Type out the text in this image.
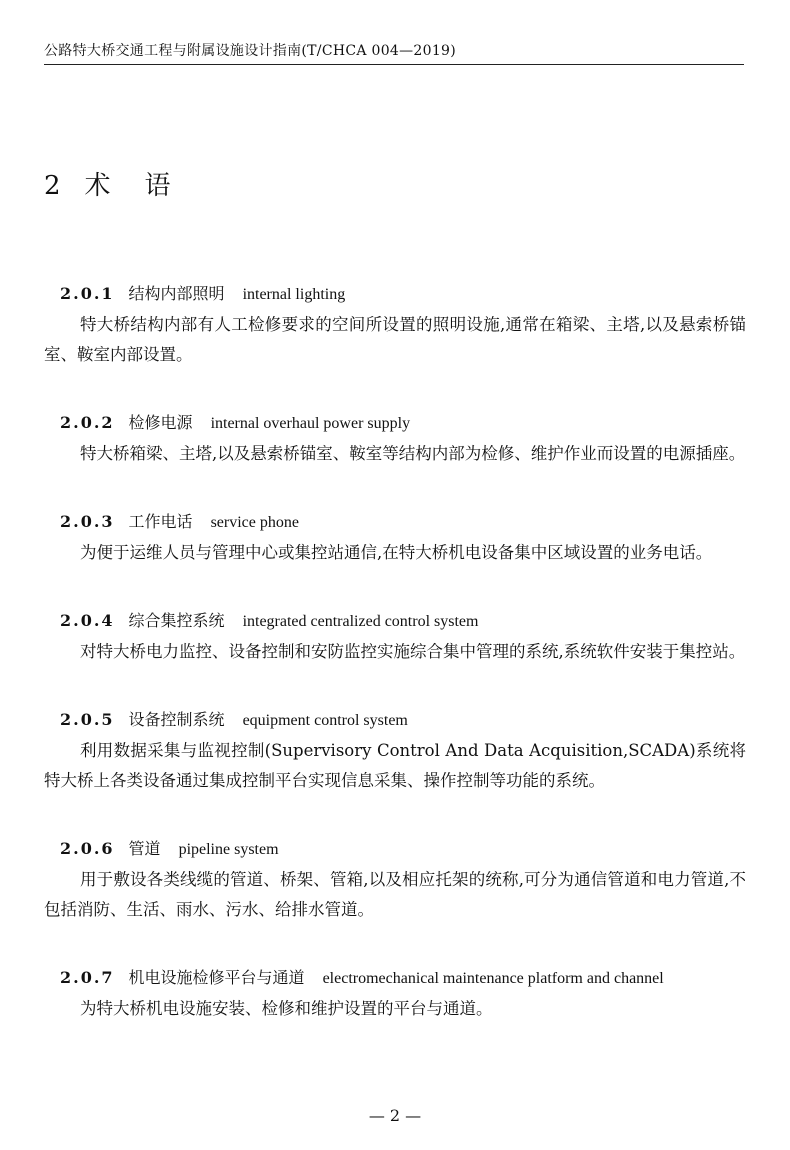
公路特大桥交通工程与附属设施设计指南(T/CHCA 004—2019)
2 术语
2.0.1 结构内部照明 internal lighting

特大桥结构内部有人工检修要求的空间所设置的照明设施,通常在箱梁、主塔,以及悬索桥锚室、鞍室内部设置。

2.0.2 检修电源 internal overhaul power supply

特大桥箱梁、主塔,以及悬索桥锚室、鞍室等结构内部为检修、维护作业而设置的电源插座。

2.0.3 工作电话 service phone

为便于运维人员与管理中心或集控站通信,在特大桥机电设备集中区域设置的业务电话。

2.0.4 综合集控系统 integrated centralized control system

对特大桥电力监控、设备控制和安防监控实施综合集中管理的系统,系统软件安装于集控站。

2.0.5 设备控制系统 equipment control system

利用数据采集与监视控制(Supervisory Control And Data Acquisition,SCADA)系统将特大桥上各类设备通过集成控制平台实现信息采集、操作控制等功能的系统。

2.0.6 管道 pipeline system

用于敷设各类线缆的管道、桥架、管箱,以及相应托架的统称,可分为通信管道和电力管道,不包括消防、生活、雨水、污水、给排水管道。

2.0.7 机电设施检修平台与通道 electromechanical maintenance platform and channel

为特大桥机电设施安装、检修和维护设置的平台与通道。

— 2 —
